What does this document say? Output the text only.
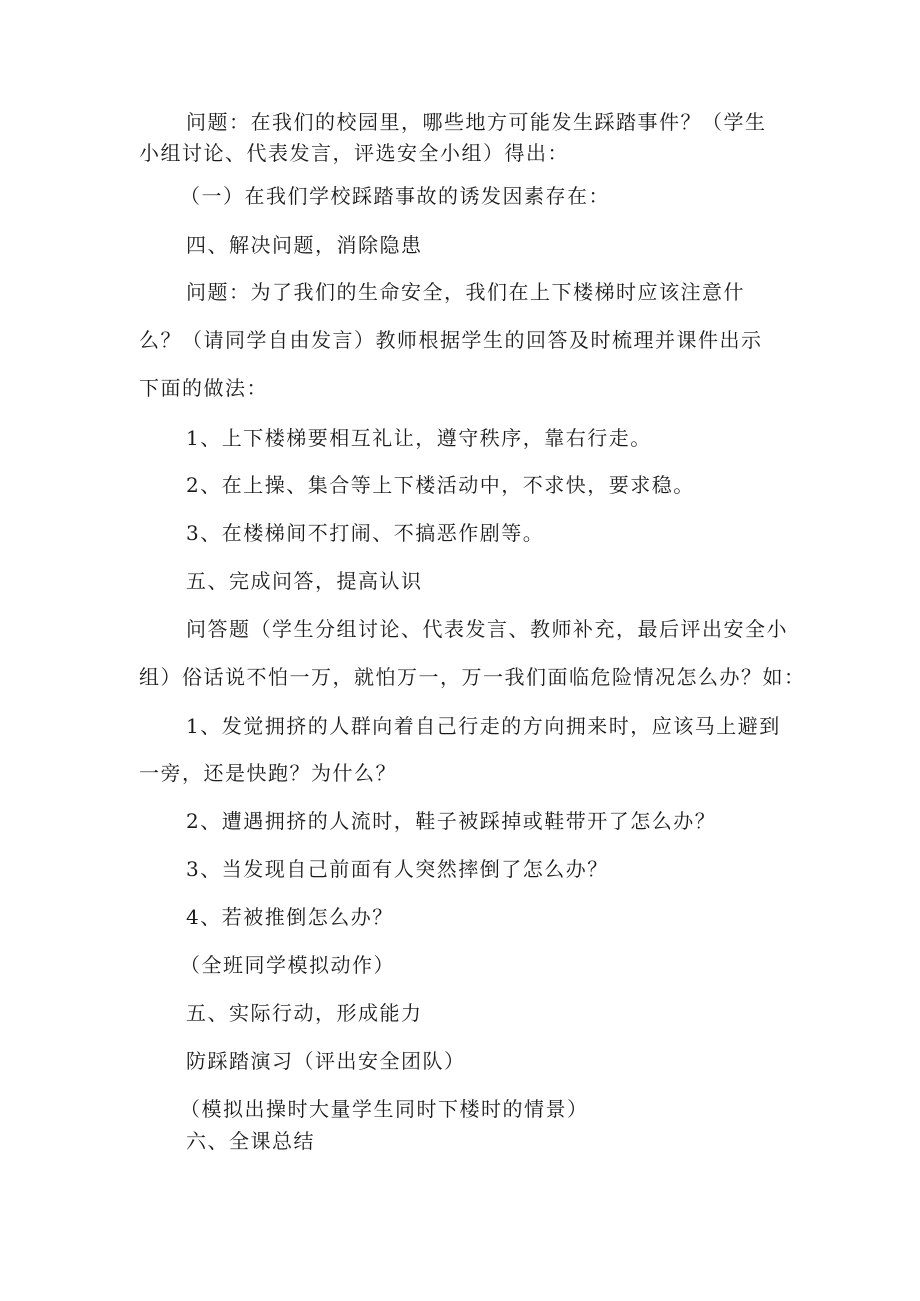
问题：在我们的校园里，哪些地方可能发生踩踏事件？（学生
小组讨论、代表发言，评选安全小组）得出：
（一）在我们学校踩踏事故的诱发因素存在：
四、解决问题，消除隐患
问题：为了我们的生命安全，我们在上下楼梯时应该注意什
么？（请同学自由发言）教师根据学生的回答及时梳理并课件出示
下面的做法：
1、上下楼梯要相互礼让，遵守秩序，靠右行走。
2、在上操、集合等上下楼活动中，不求快，要求稳。
3、在楼梯间不打闹、不搞恶作剧等。
五、完成问答，提高认识
问答题（学生分组讨论、代表发言、教师补充，最后评出安全小
组）俗话说不怕一万，就怕万一，万一我们面临危险情况怎么办？如：
1、发觉拥挤的人群向着自己行走的方向拥来时，应该马上避到
一旁，还是快跑？为什么？
2、遭遇拥挤的人流时，鞋子被踩掉或鞋带开了怎么办？
3、当发现自己前面有人突然摔倒了怎么办？
4、若被推倒怎么办？
（全班同学模拟动作）
五、实际行动，形成能力
防踩踏演习（评出安全团队）
（模拟出操时大量学生同时下楼时的情景）
六、全课总结
